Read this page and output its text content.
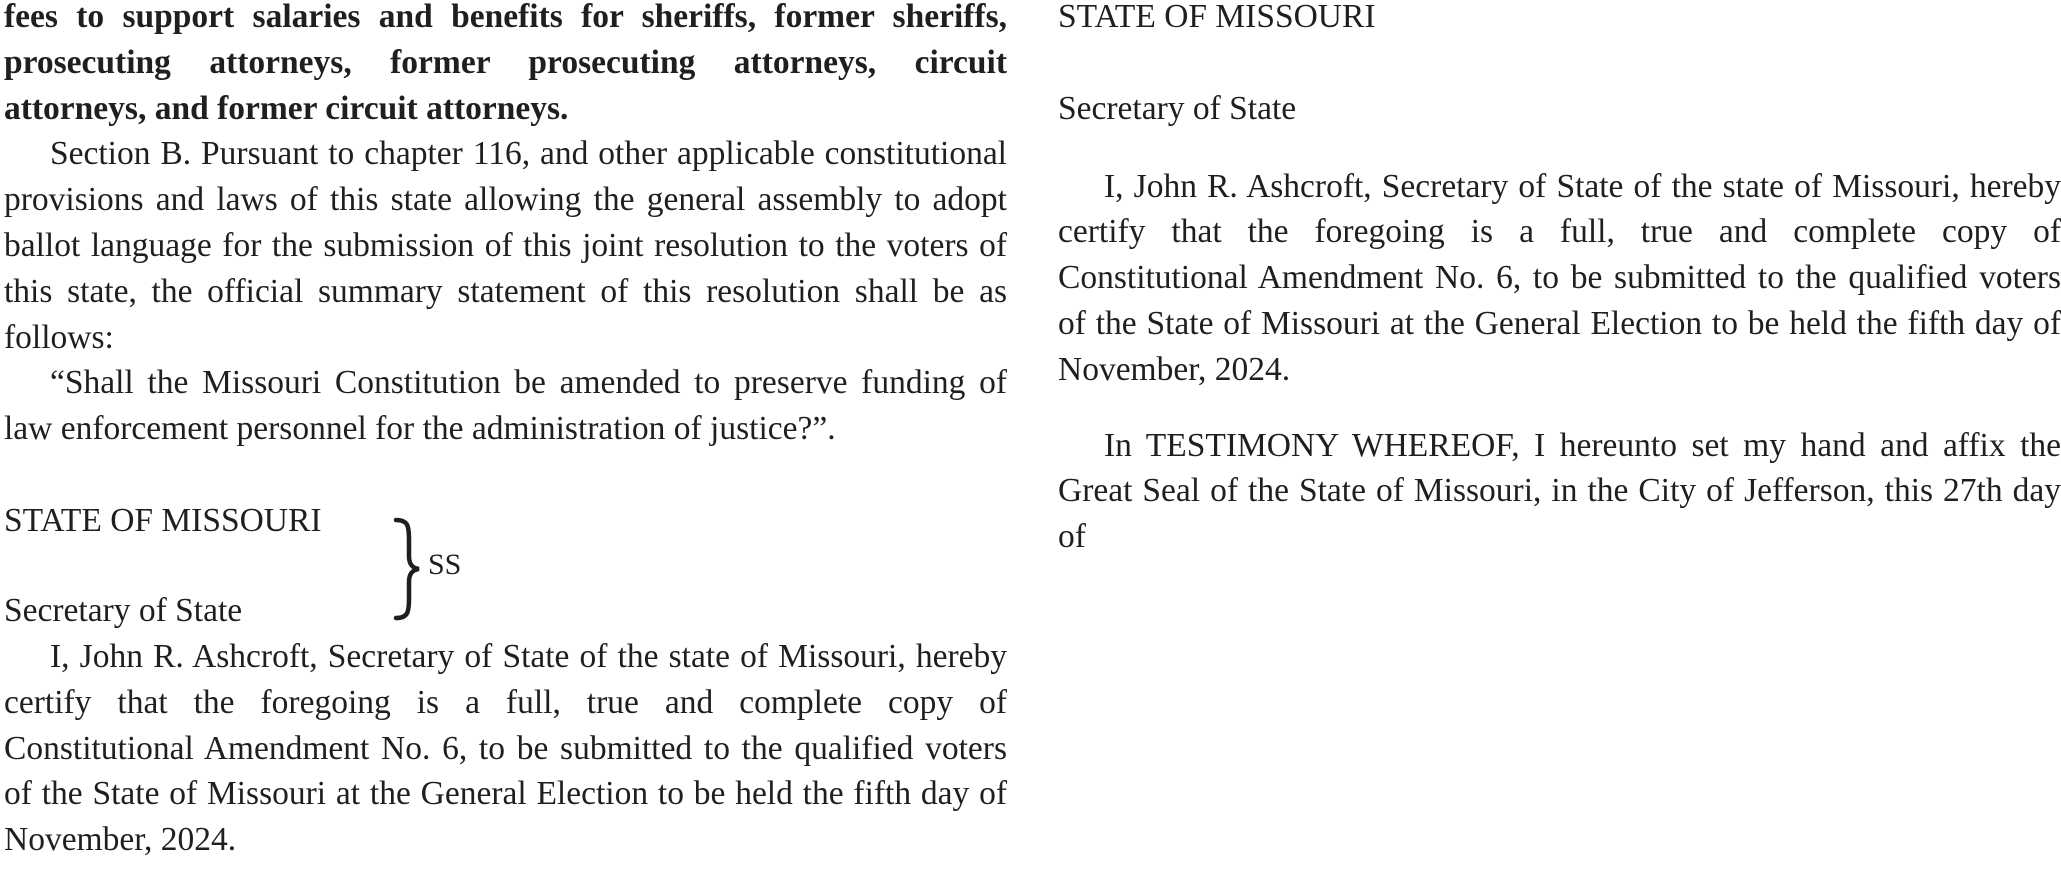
fees to support salaries and benefits for sheriffs, former sheriffs, prosecuting attorneys, former prosecuting attorneys, circuit attorneys, and former circuit attorneys.

Section B. Pursuant to chapter 116, and other applicable constitutional provisions and laws of this state allowing the general assembly to adopt ballot language for the submission of this joint resolution to the voters of this state, the official summary statement of this resolution shall be as follows:

“Shall the Missouri Constitution be amended to preserve funding of law enforcement personnel for the administration of justice?”.

STATE OF MISSOURI
Secretary of State
SS

I, John R. Ashcroft, Secretary of State of the state of Missouri, hereby certify that the foregoing is a full, true and complete copy of Constitutional Amendment No. 6, to be submitted to the qualified voters of the State of Missouri at the General Election to be held the fifth day of November, 2024.

STATE OF MISSOURI

Secretary of State

I, John R. Ashcroft, Secretary of State of the state of Missouri, hereby certify that the foregoing is a full, true and complete copy of Constitutional Amendment No. 6, to be submitted to the qualified voters of the State of Missouri at the General Election to be held the fifth day of November, 2024.

In TESTIMONY WHEREOF, I hereunto set my hand and affix the Great Seal of the State of Missouri, in the City of Jefferson, this 27th day of
